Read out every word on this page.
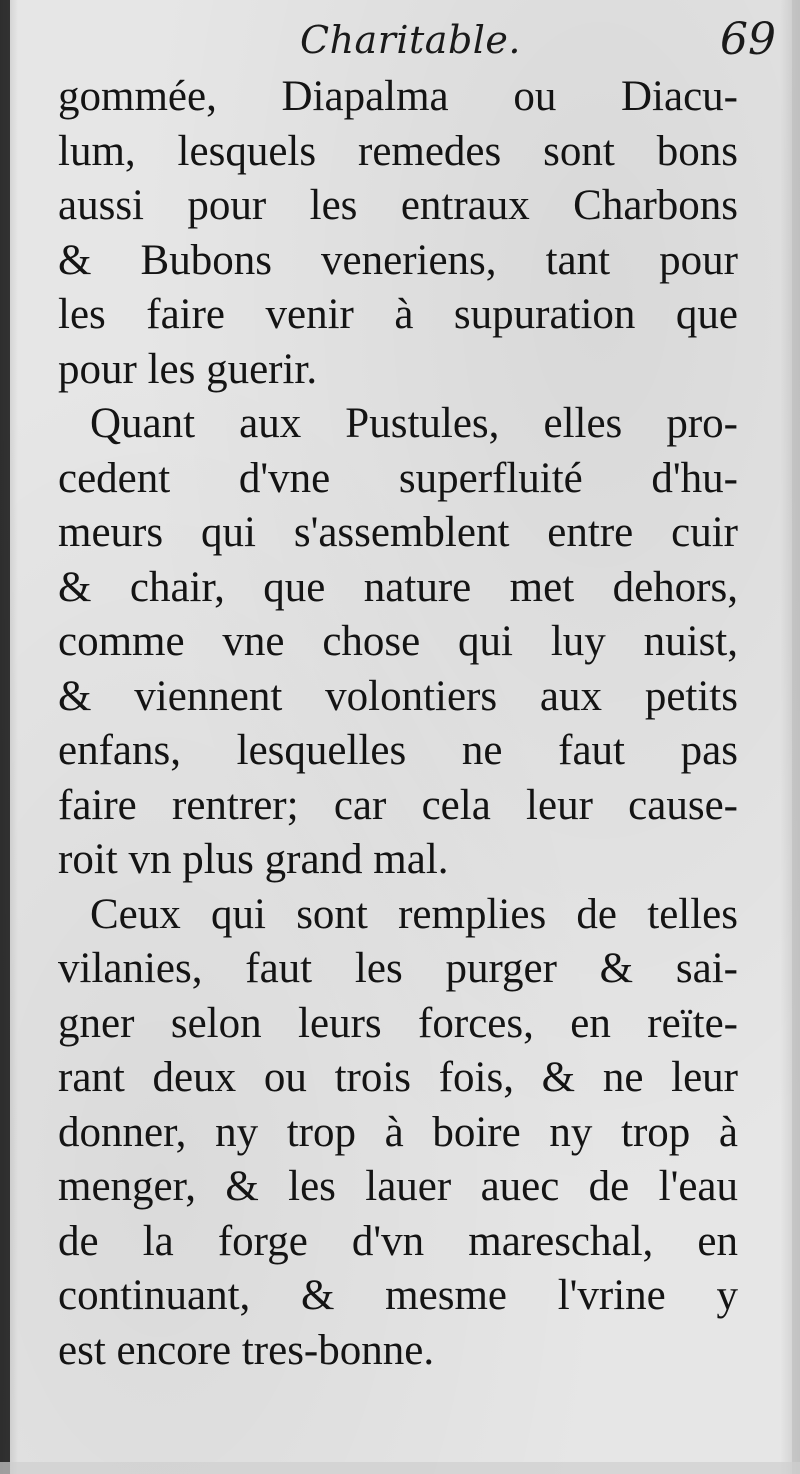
Charitable.	69
gommée, Diapalma ou Diacu-
lum, lesquels remedes sont bons
aussi pour les entraux Charbons
& Bubons veneriens, tant pour
les faire venir à supuration que
pour les guerir.
Quant aux Pustules, elles pro-
cedent d'vne superfluité d'hu-
meurs qui s'assemblent entre cuir
& chair, que nature met dehors,
comme vne chose qui luy nuist,
& viennent volontiers aux petits
enfans, lesquelles ne faut pas
faire rentrer; car cela leur cause-
roit vn plus grand mal.
Ceux qui sont remplies de telles
vilanies, faut les purger & sai-
gner selon leurs forces, en reïte-
rant deux ou trois fois, & ne leur
donner, ny trop à boire ny trop à
menger, & les lauer auec de l'eau
de la forge d'vn mareschal, en
continuant, & mesme l'vrine y
est encore tres-bonne.
